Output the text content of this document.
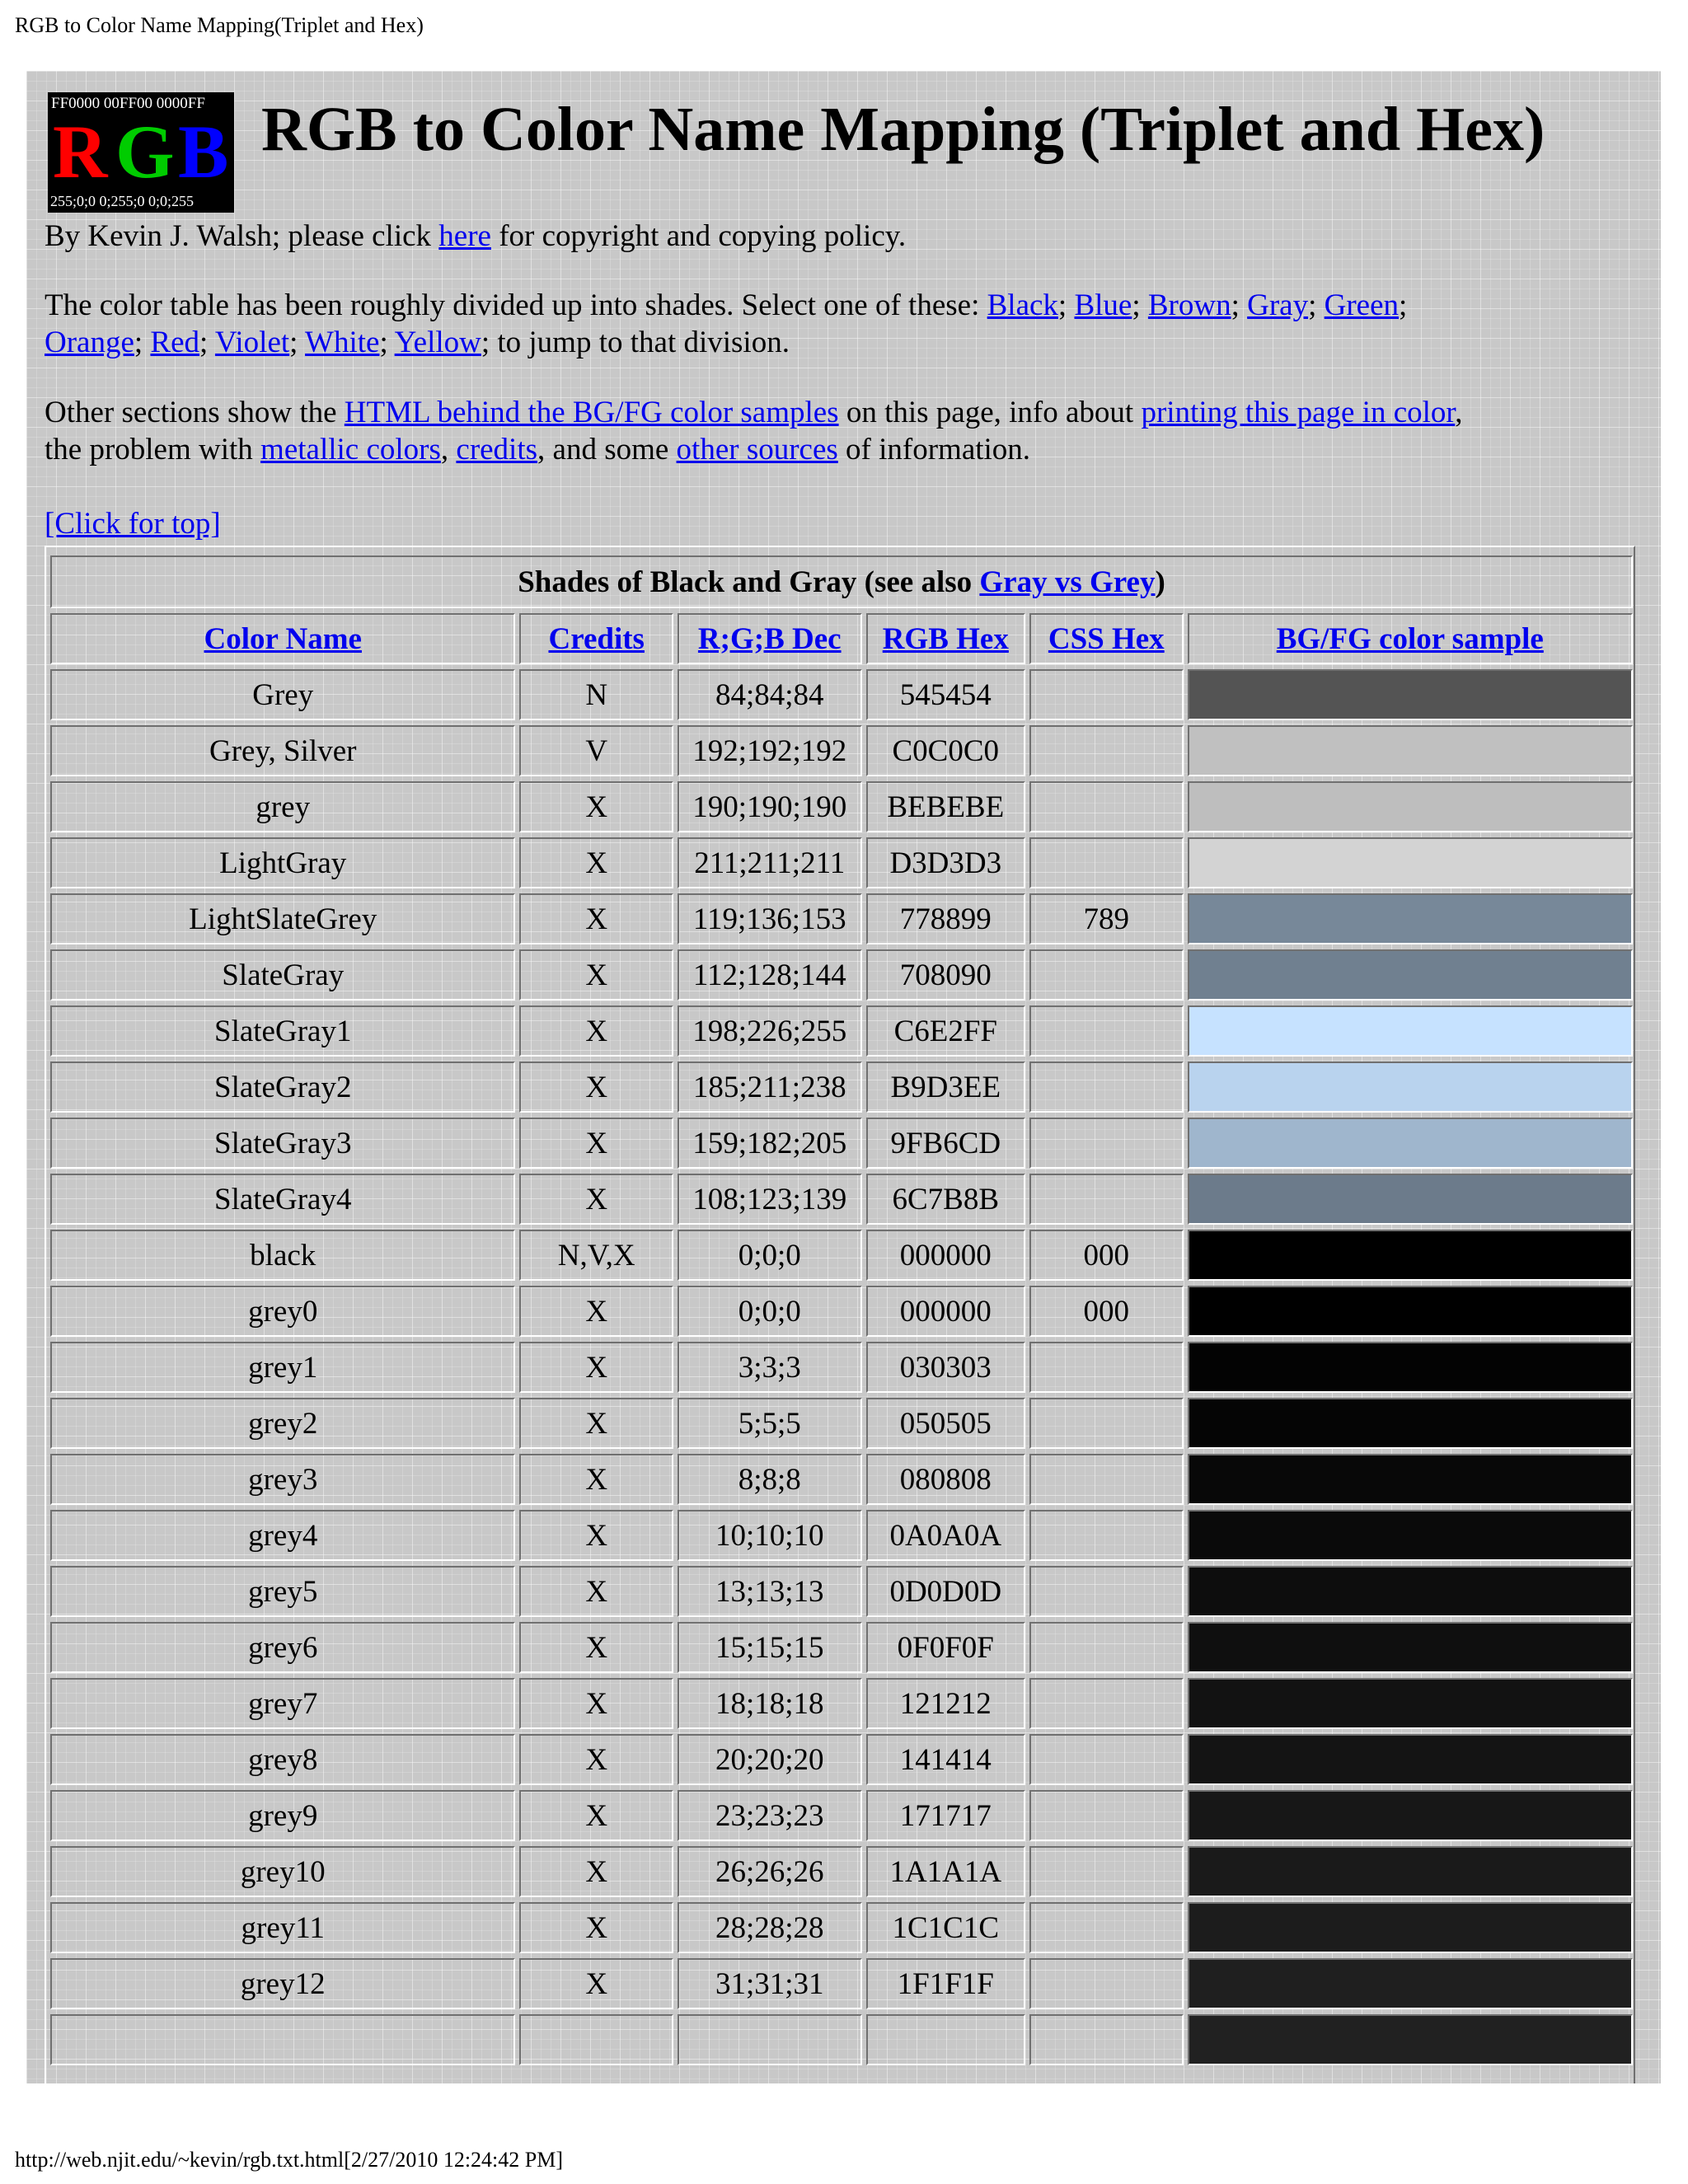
RGB to Color Name Mapping(Triplet and Hex)
FF0000 00FF00 0000FF
R G B
255;0;0 0;255;0 0;0;255
RGB to Color Name Mapping (Triplet and Hex)

By Kevin J. Walsh; please click here for copyright and copying policy.

The color table has been roughly divided up into shades. Select one of these: Black; Blue; Brown; Gray; Green;
Orange; Red; Violet; White; Yellow; to jump to that division.

Other sections show the HTML behind the BG/FG color samples on this page, info about printing this page in color,
the problem with metallic colors, credits, and some other sources of information.

[Click for top]
Shades of Black and Gray (see also Gray vs Grey)					
Color Name	Credits	R;G;B Dec	RGB Hex	CSS Hex	BG/FG color sample
Grey	N	84;84;84	545454		

Grey, Silver	V	192;192;192	C0C0C0		

grey	X	190;190;190	BEBEBE		

LightGray	X	211;211;211	D3D3D3		

LightSlateGrey	X	119;136;153	778899	789	

SlateGray	X	112;128;144	708090		

SlateGray1	X	198;226;255	C6E2FF		

SlateGray2	X	185;211;238	B9D3EE		

SlateGray3	X	159;182;205	9FB6CD		

SlateGray4	X	108;123;139	6C7B8B		

black	N,V,X	0;0;0	000000	000	

grey0	X	0;0;0	000000	000	

grey1	X	3;3;3	030303		

grey2	X	5;5;5	050505		

grey3	X	8;8;8	080808		

grey4	X	10;10;10	0A0A0A		

grey5	X	13;13;13	0D0D0D		

grey6	X	15;15;15	0F0F0F		

grey7	X	18;18;18	121212		

grey8	X	20;20;20	141414		

grey9	X	23;23;23	171717		

grey10	X	26;26;26	1A1A1A		

grey11	X	28;28;28	1C1C1C		

grey12	X	31;31;31	1F1F1F		

http://web.njit.edu/~kevin/rgb.txt.html[2/27/2010 12:24:42 PM]
